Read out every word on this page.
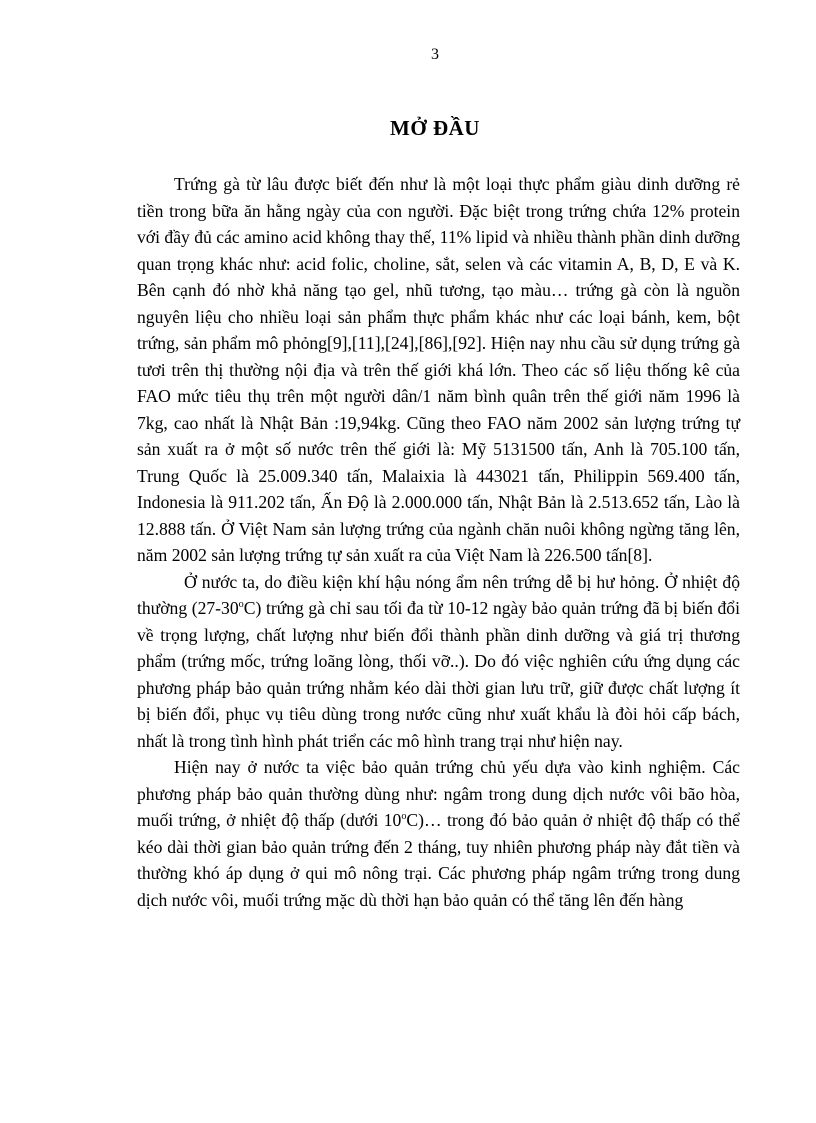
3
MỞ ĐẦU

Trứng gà từ lâu được biết đến như là một loại thực phẩm giàu dinh dưỡng rẻ tiền trong bữa ăn hằng ngày của con người. Đặc biệt trong trứng chứa 12% protein với đầy đủ các amino acid không thay thế, 11% lipid và nhiều thành phần dinh dưỡng quan trọng khác như: acid folic, choline, sắt, selen và các vitamin A, B, D, E và K. Bên cạnh đó nhờ khả năng tạo gel, nhũ tương, tạo màu… trứng gà còn là nguồn nguyên liệu cho nhiều loại sản phẩm thực phẩm khác như các loại bánh, kem, bột trứng, sản phẩm mô phỏng[9],[11],[24],[86],[92]. Hiện nay nhu cầu sử dụng trứng gà tươi trên thị thường nội địa và trên thế giới khá lớn. Theo các số liệu thống kê của FAO mức tiêu thụ trên một người dân/1 năm bình quân trên thế giới năm 1996 là 7kg, cao nhất là Nhật Bản :19,94kg. Cũng theo FAO năm 2002 sản lượng trứng tự sản xuất ra ở một số nước trên thế giới là: Mỹ 5131500 tấn, Anh là 705.100 tấn, Trung Quốc là 25.009.340 tấn, Malaixia là 443021 tấn, Philippin 569.400 tấn, Indonesia là 911.202 tấn, Ấn Độ là 2.000.000 tấn, Nhật Bản là 2.513.652 tấn, Lào là 12.888 tấn. Ở Việt Nam sản lượng trứng của ngành chăn nuôi không ngừng tăng lên, năm 2002 sản lượng trứng tự sản xuất ra của Việt Nam là 226.500 tấn[8].

Ở nước ta, do điều kiện khí hậu nóng ẩm nên trứng dễ bị hư hỏng. Ở nhiệt độ thường (27-30$^o$C) trứng gà chỉ sau tối đa từ 10-12 ngày bảo quản trứng đã bị biến đổi về trọng lượng, chất lượng như biến đổi thành phần dinh dưỡng và giá trị thương phẩm (trứng mốc, trứng loãng lòng, thối vỡ..). Do đó việc nghiên cứu ứng dụng các phương pháp bảo quản trứng nhằm kéo dài thời gian lưu trữ, giữ được chất lượng ít bị biến đổi, phục vụ tiêu dùng trong nước cũng như xuất khẩu là đòi hỏi cấp bách, nhất là trong tình hình phát triển các mô hình trang trại như hiện nay.

Hiện nay ở nước ta việc bảo quản trứng chủ yếu dựa vào kinh nghiệm. Các phương pháp bảo quản thường dùng như: ngâm trong dung dịch nước vôi bão hòa, muối trứng, ở nhiệt độ thấp (dưới 10$^o$C)… trong đó bảo quản ở nhiệt độ thấp có thể kéo dài thời gian bảo quản trứng đến 2 tháng, tuy nhiên phương pháp này đắt tiền và thường khó áp dụng ở qui mô nông trại. Các phương pháp ngâm trứng trong dung dịch nước vôi, muối trứng mặc dù thời hạn bảo quản có thể tăng lên đến hàng
